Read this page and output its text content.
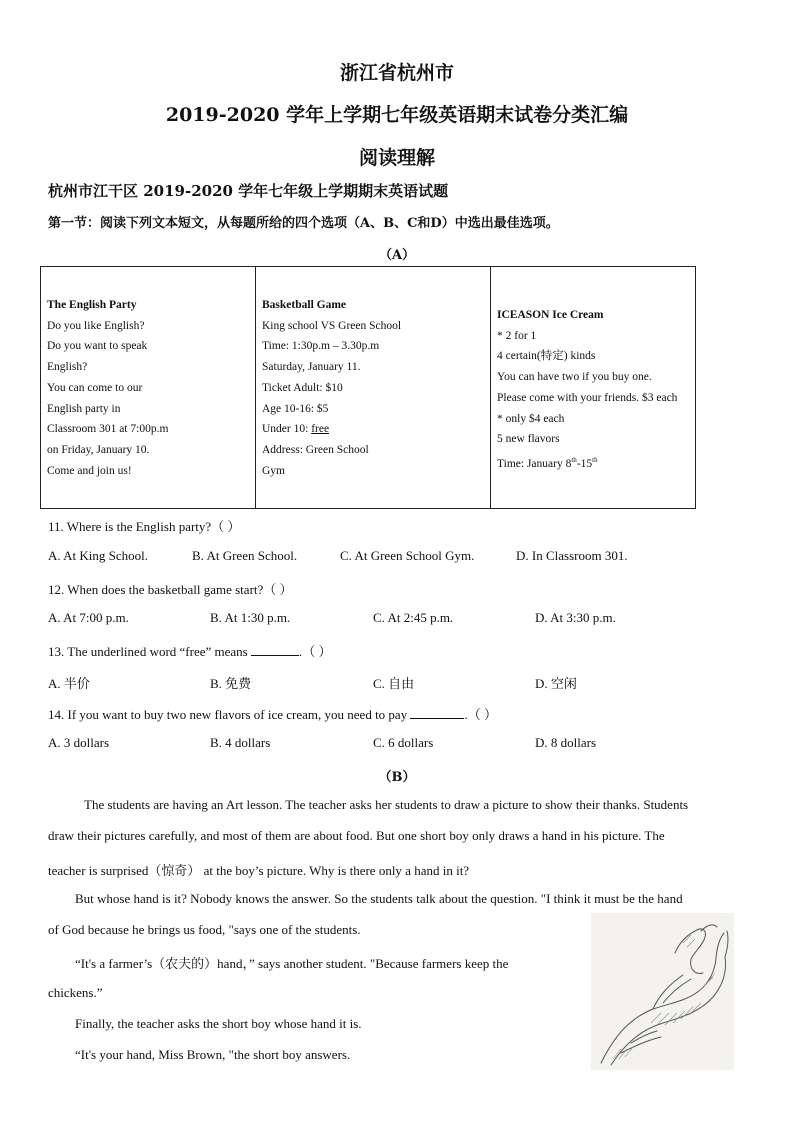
浙江省杭州市
2019-2020 学年上学期七年级英语期末试卷分类汇编
阅读理解
杭州市江干区 2019-2020 学年七年级上学期期末英语试题
第一节：阅读下列文本短文，从每题所给的四个选项（A、B、C和D）中选出最佳选项。
（A）
The English Party
Do you like English?
Do you want to speak
English?
You can come to our
English party in
Classroom 301 at 7:00p.m
on Friday, January 10.
Come and join us!

Basketball Game
King school VS Green School
Time: 1:30p.m – 3.30p.m
Saturday, January 11.
Ticket Adult: $10
Age 10-16: $5
Under 10: free
Address: Green School
Gym

ICEASON Ice Cream
* 2 for 1
4 certain(特定) kinds
You can have two if you buy one.
Please come with your friends. $3 each
* only $4 each
5 new flavors
Time: January 8th-15th
11. Where is the English party?（ ）
A. At King School.	B. At Green School.	C. At Green School Gym.	D. In Classroom 301.
12. When does the basketball game start?（ ）
A. At 7:00 p.m.	B. At 1:30 p.m.	C. At 2:45 p.m.	D. At 3:30 p.m.
13. The underlined word “free” means	.（ ）
A. 半价	B. 免费	C. 自由	D. 空闲
14. If you want to buy two new flavors of ice cream, you need to pay	.（ ）
A. 3 dollars	B. 4 dollars	C. 6 dollars	D. 8 dollars
（B）
The students are having an Art lesson. The teacher asks her students to draw a picture to show their thanks. Students
draw their pictures carefully, and most of them are about food. But one short boy only draws a hand in his picture. The
teacher is surprised（惊奇） at the boy’s picture. Why is there only a hand in it?
But whose hand is it? Nobody knows the answer. So the students talk about the question. "I think it must be the hand
of God because he brings us food, "says one of the students.
“It's a farmer’s（农夫的）hand，” says another student. "Because farmers keep the
chickens.”
Finally, the teacher asks the short boy whose hand it is.
“It's your hand, Miss Brown, "the short boy answers.
